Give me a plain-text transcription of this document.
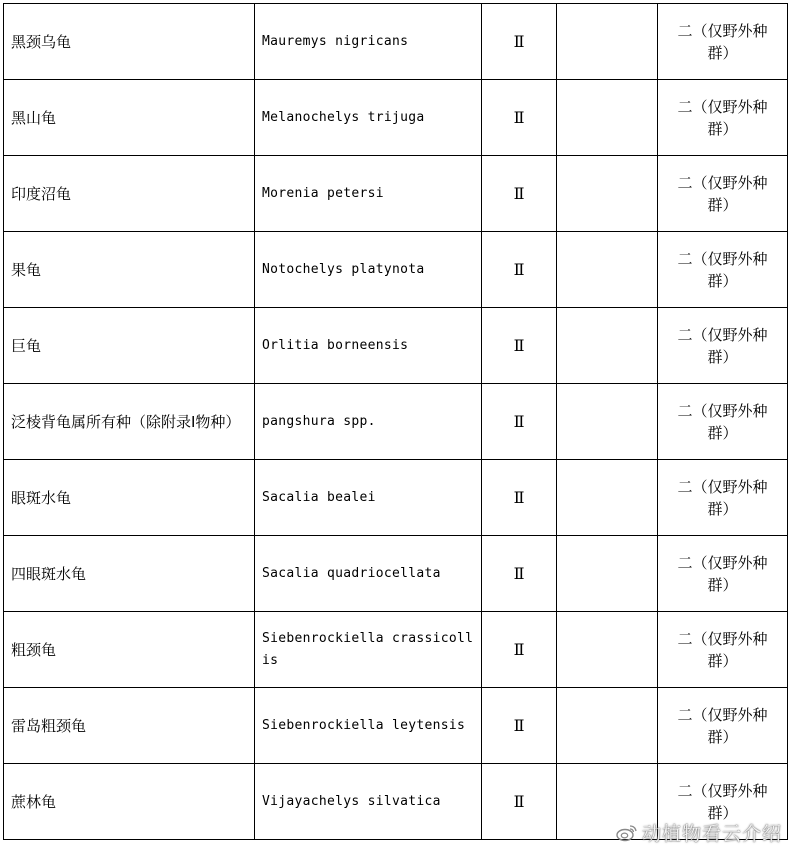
黑颈乌龟	Mauremys nigricans	Ⅱ		二（仅野外种群）
黑山龟	Melanochelys trijuga	Ⅱ		二（仅野外种群）
印度沼龟	Morenia petersi	Ⅱ		二（仅野外种群）
果龟	Notochelys platynota	Ⅱ		二（仅野外种群）
巨龟	Orlitia borneensis	Ⅱ		二（仅野外种群）
泛棱背龟属所有种（除附录I物种）	pangshura spp.	Ⅱ		二（仅野外种群）
眼斑水龟	Sacalia bealei	Ⅱ		二（仅野外种群）
四眼斑水龟	Sacalia quadriocellata	Ⅱ		二（仅野外种群）
粗颈龟	Siebenrockiella crassicollis	Ⅱ		二（仅野外种群）
雷岛粗颈龟	Siebenrockiella leytensis	Ⅱ		二（仅野外种群）
蔗林龟	Vijayachelys silvatica	Ⅱ		二（仅野外种群）
动植物看云介绍
